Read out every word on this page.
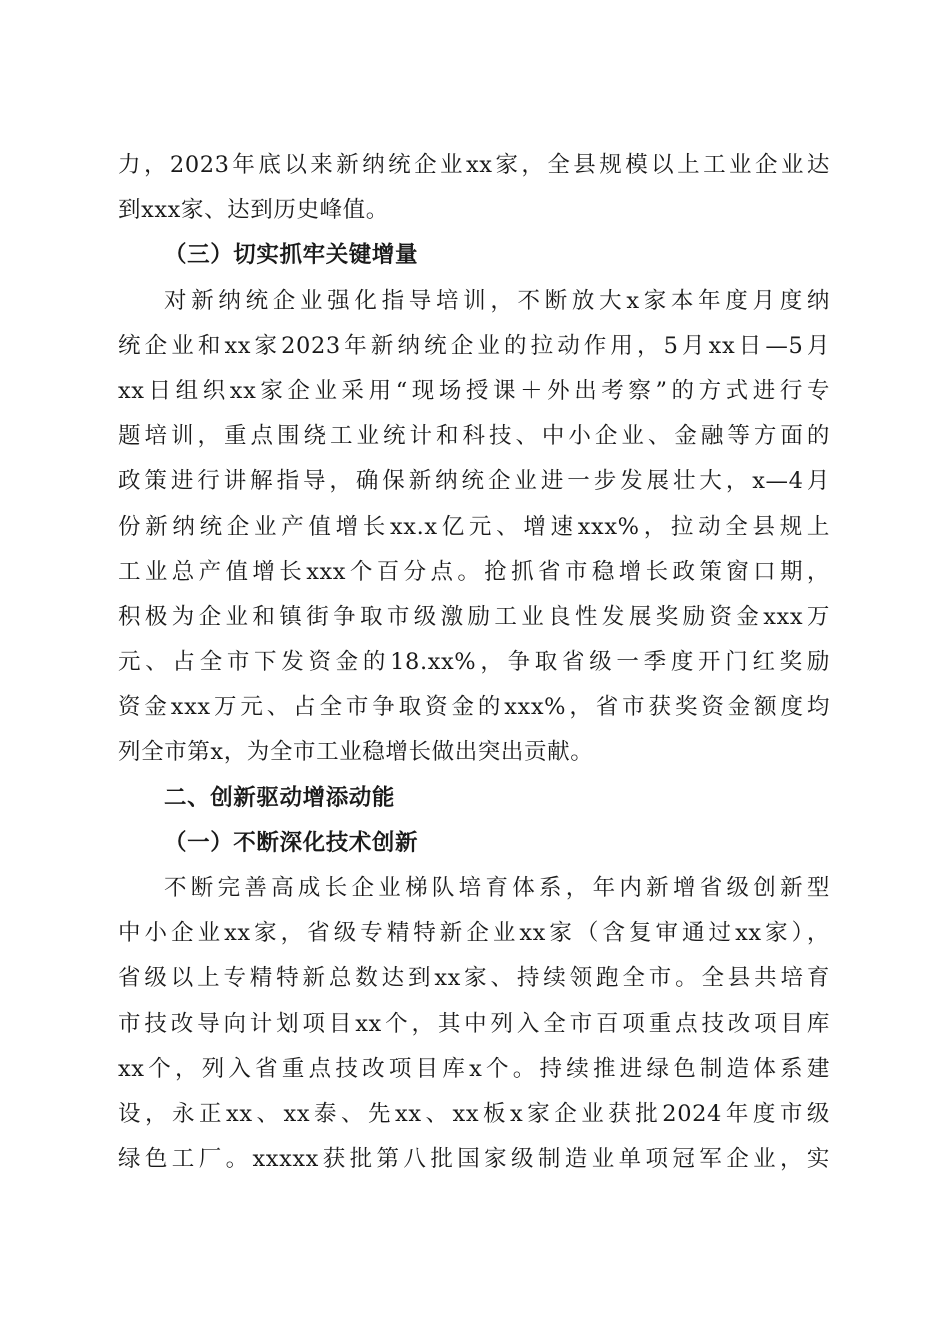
力，2023年底以来新纳统企业xx家，全县规模以上工业企业达
到xxx家、达到历史峰值。
（三）切实抓牢关键增量
对新纳统企业强化指导培训，不断放大x家本年度月度纳
统企业和xx家2023年新纳统企业的拉动作用，5月xx日—5月
xx日组织xx家企业采用“现场授课＋外出考察”的方式进行专
题培训，重点围绕工业统计和科技、中小企业、金融等方面的
政策进行讲解指导，确保新纳统企业进一步发展壮大，x—4月
份新纳统企业产值增长xx.x亿元、增速xxx%，拉动全县规上
工业总产值增长xxx个百分点。抢抓省市稳增长政策窗口期，
积极为企业和镇街争取市级激励工业良性发展奖励资金xxx万
元、占全市下发资金的18.xx%，争取省级一季度开门红奖励
资金xxx万元、占全市争取资金的xxx%，省市获奖资金额度均
列全市第x，为全市工业稳增长做出突出贡献。
二、创新驱动增添动能
（一）不断深化技术创新
不断完善高成长企业梯队培育体系，年内新增省级创新型
中小企业xx家，省级专精特新企业xx家（含复审通过xx家），
省级以上专精特新总数达到xx家、持续领跑全市。全县共培育
市技改导向计划项目xx个，其中列入全市百项重点技改项目库
xx个，列入省重点技改项目库x个。持续推进绿色制造体系建
设，永正xx、xx泰、先xx、xx板x家企业获批2024年度市级
绿色工厂。xxxxx获批第八批国家级制造业单项冠军企业，实
